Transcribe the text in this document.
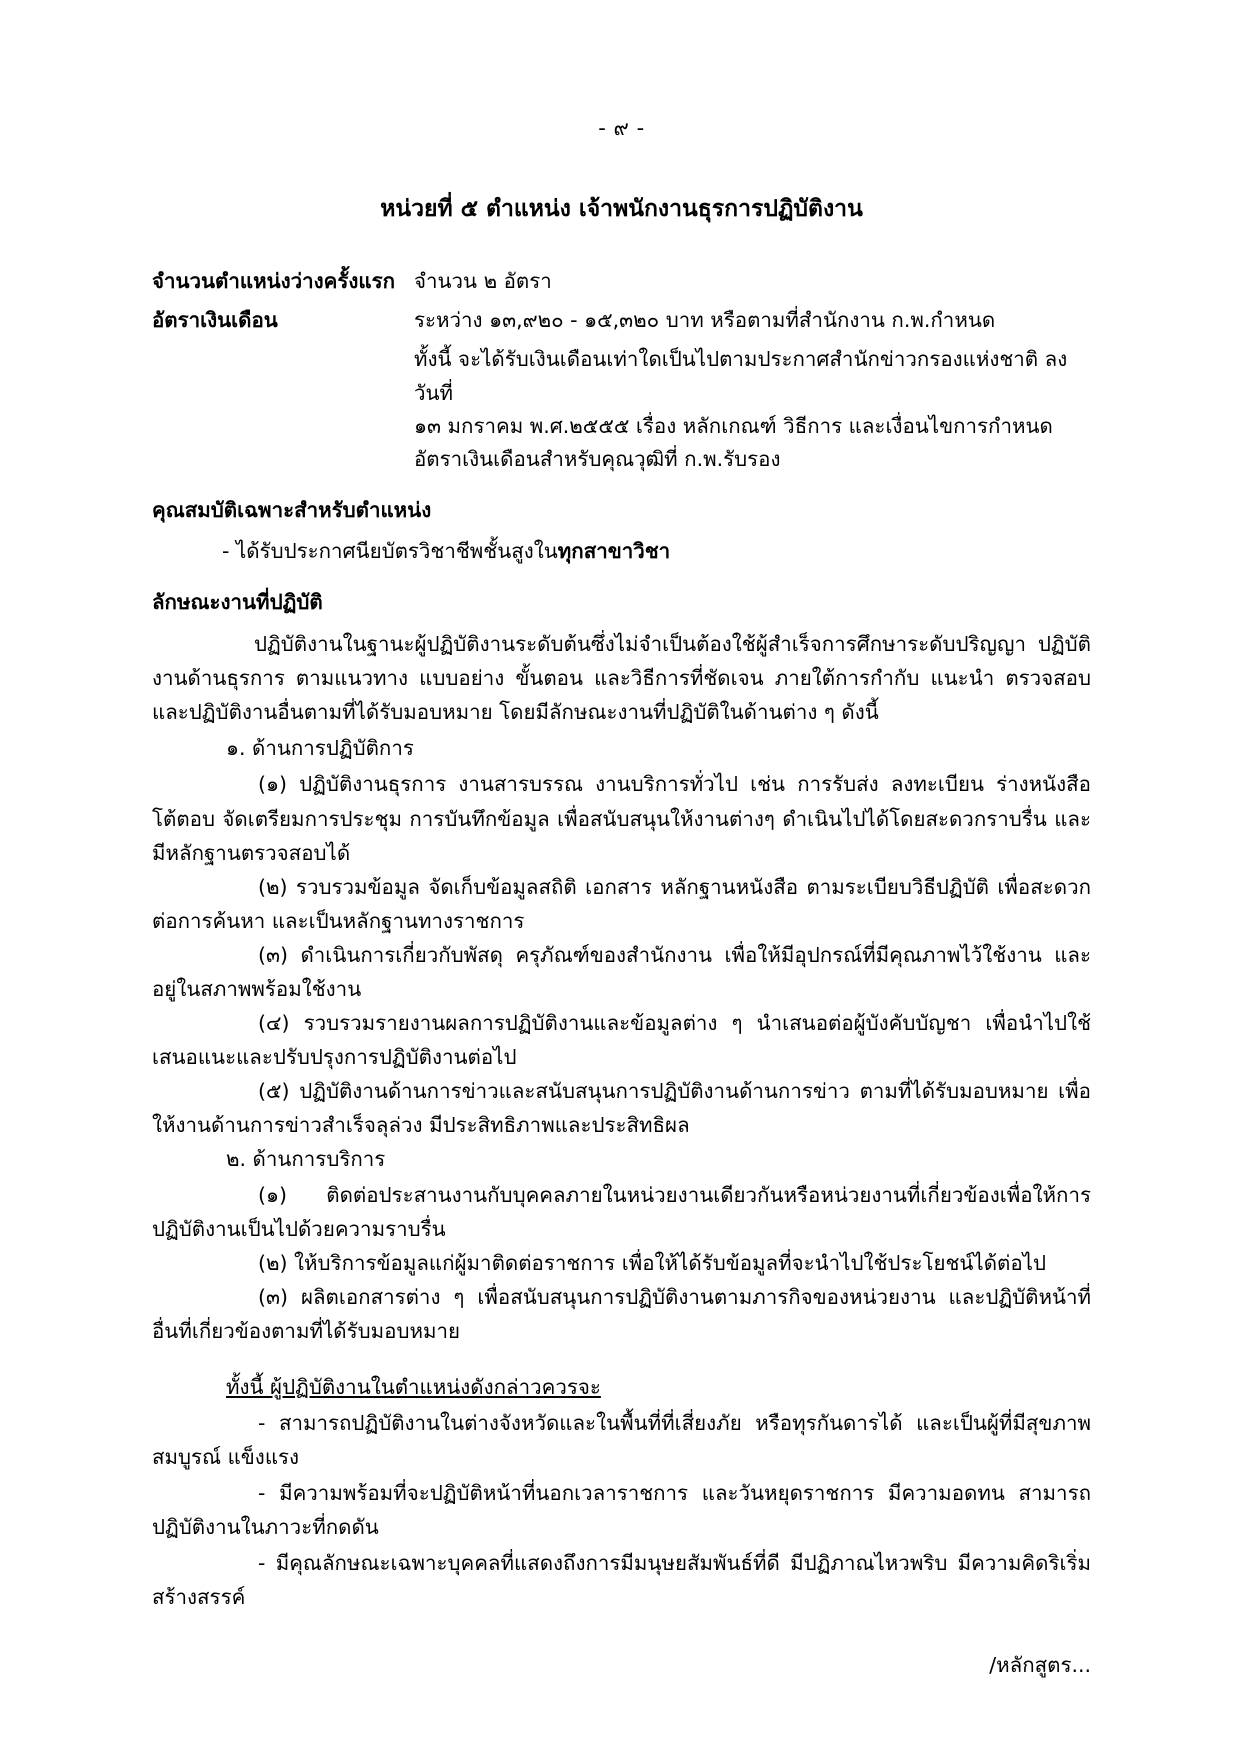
- ๙ -
หน่วยที่ ๕ ตำแหน่ง เจ้าพนักงานธุรการปฏิบัติงาน
จำนวนตำแหน่งว่างครั้งแรก จำนวน ๒ อัตรา
อัตราเงินเดือน	ระหว่าง ๑๓,๙๒๐ - ๑๕,๓๒๐ บาท หรือตามที่สำนักงาน ก.พ.กำหนด
ทั้งนี้ จะได้รับเงินเดือนเท่าใดเป็นไปตามประกาศสำนักข่าวกรองแห่งชาติ ลงวันที่
๑๓ มกราคม พ.ศ.๒๕๕๕ เรื่อง หลักเกณฑ์ วิธีการ และเงื่อนไขการกำหนด
อัตราเงินเดือนสำหรับคุณวุฒิที่ ก.พ.รับรอง
คุณสมบัติเฉพาะสำหรับตำแหน่ง
- ได้รับประกาศนียบัตรวิชาชีพชั้นสูงในทุกสาขาวิชา
ลักษณะงานที่ปฏิบัติ
ปฏิบัติงานในฐานะผู้ปฏิบัติงานระดับต้นซึ่งไม่จำเป็นต้องใช้ผู้สำเร็จการศึกษาระดับปริญญา ปฏิบัติงานด้านธุรการ ตามแนวทาง แบบอย่าง ขั้นตอน และวิธีการที่ชัดเจน ภายใต้การกำกับ แนะนำ ตรวจสอบ และปฏิบัติงานอื่นตามที่ได้รับมอบหมาย โดยมีลักษณะงานที่ปฏิบัติในด้านต่าง ๆ ดังนี้
๑. ด้านการปฏิบัติการ
(๑) ปฏิบัติงานธุรการ งานสารบรรณ งานบริการทั่วไป เช่น การรับส่ง ลงทะเบียน ร่างหนังสือโต้ตอบ จัดเตรียมการประชุม การบันทึกข้อมูล เพื่อสนับสนุนให้งานต่างๆ ดำเนินไปได้โดยสะดวกราบรื่น และมีหลักฐานตรวจสอบได้
(๒) รวบรวมข้อมูล จัดเก็บข้อมูลสถิติ เอกสาร หลักฐานหนังสือ ตามระเบียบวิธีปฏิบัติ เพื่อสะดวกต่อการค้นหา และเป็นหลักฐานทางราชการ
(๓) ดำเนินการเกี่ยวกับพัสดุ ครุภัณฑ์ของสำนักงาน เพื่อให้มีอุปกรณ์ที่มีคุณภาพไว้ใช้งาน และอยู่ในสภาพพร้อมใช้งาน
(๔) รวบรวมรายงานผลการปฏิบัติงานและข้อมูลต่าง ๆ นำเสนอต่อผู้บังคับบัญชา เพื่อนำไปใช้เสนอแนะและปรับปรุงการปฏิบัติงานต่อไป
(๕) ปฏิบัติงานด้านการข่าวและสนับสนุนการปฏิบัติงานด้านการข่าว ตามที่ได้รับมอบหมาย เพื่อให้งานด้านการข่าวสำเร็จลุล่วง มีประสิทธิภาพและประสิทธิผล
๒. ด้านการบริการ
(๑) ติดต่อประสานงานกับบุคคลภายในหน่วยงานเดียวกันหรือหน่วยงานที่เกี่ยวข้องเพื่อให้การปฏิบัติงานเป็นไปด้วยความราบรื่น
(๒) ให้บริการข้อมูลแก่ผู้มาติดต่อราชการ เพื่อให้ได้รับข้อมูลที่จะนำไปใช้ประโยชน์ได้ต่อไป
(๓) ผลิตเอกสารต่าง ๆ เพื่อสนับสนุนการปฏิบัติงานตามภารกิจของหน่วยงาน และปฏิบัติหน้าที่อื่นที่เกี่ยวข้องตามที่ได้รับมอบหมาย
ทั้งนี้ ผู้ปฏิบัติงานในตำแหน่งดังกล่าวควรจะ
- สามารถปฏิบัติงานในต่างจังหวัดและในพื้นที่ที่เสี่ยงภัย หรือทุรกันดารได้ และเป็นผู้ที่มีสุขภาพสมบูรณ์ แข็งแรง
- มีความพร้อมที่จะปฏิบัติหน้าที่นอกเวลาราชการ และวันหยุดราชการ มีความอดทน สามารถปฏิบัติงานในภาวะที่กดดัน
- มีคุณลักษณะเฉพาะบุคคลที่แสดงถึงการมีมนุษยสัมพันธ์ที่ดี มีปฏิภาณไหวพริบ มีความคิดริเริ่มสร้างสรรค์
/หลักสูตร...
